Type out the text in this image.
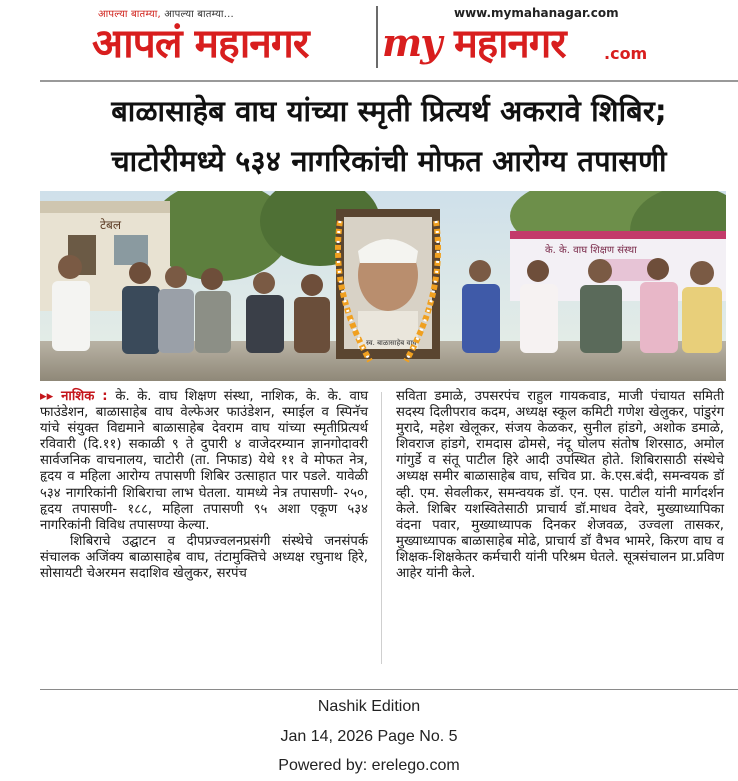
आपल्या बातम्या, आपल्या बातम्या...
आपलं महानगर
www.mymahanagar.com
my महानगर .com
बाळासाहेब वाघ यांच्या स्मृती प्रित्यर्थ अकरावे शिबिर;
चाटोरीमध्ये ५३४ नागरिकांची मोफत आरोग्य तपासणी
टेबल
के. के. वाघ शिक्षण संस्था
स्व. बाळासाहेब वाघ

▸▸ नाशिक : के. के. वाघ शिक्षण संस्था, नाशिक, के. के. वाघ फाउंडेशन, बाळासाहेब वाघ वेल्फेअर फाउंडेशन, स्माईल व स्पिनॅच यांचे संयुक्त विद्यमाने बाळासाहेब देवराम वाघ यांच्या स्मृतीप्रित्यर्थ रविवारी (दि.११) सकाळी ९ ते दुपारी ४ वाजेदरम्यान ज्ञानगोदावरी सार्वजनिक वाचनालय, चाटोरी (ता. निफाड) येथे ११ वे मोफत नेत्र, हृदय व महिला आरोग्य तपासणी शिबिर उत्साहात पार पडले. यावेळी ५३४ नागरिकांनी शिबिराचा लाभ घेतला. यामध्ये नेत्र तपासणी- २५०, हृदय तपासणी- १८८, महिला तपासणी ९५ अशा एकूण ५३४ नागरिकांनी विविध तपासण्या केल्या.

शिबिराचे उद्घाटन व दीपप्रज्वलनप्रसंगी संस्थेचे जनसंपर्क संचालक अजिंक्य बाळासाहेब वाघ, तंटामुक्तिचे अध्यक्ष रघुनाथ हिरे, सोसायटी चेअरमन सदाशिव खेलुकर, सरपंच

सविता डमाळे, उपसरपंच राहुल गायकवाड, माजी पंचायत समिती सदस्य दिलीपराव कदम, अध्यक्ष स्कूल कमिटी गणेश खेलुकर, पांडुरंग मुरादे, महेश खेलूकर, संजय केळकर, सुनील हांडगे, अशोक डमाळे, शिवराज हांडगे, रामदास ढोमसे, नंदू घोलप संतोष शिरसाठ, अमोल गांगुर्डे व संतू पाटील हिरे आदी उपस्थित होते. शिबिरासाठी संस्थेचे अध्यक्ष समीर बाळासाहेब वाघ, सचिव प्रा. के.एस.बंदी, समन्वयक डॉ व्ही. एम. सेवलीकर, समन्वयक डॉ. एन. एस. पाटील यांनी मार्गदर्शन केले. शिबिर यशस्वितेसाठी प्राचार्य डॉ.माधव देवरे, मुख्याध्यापिका वंदना पवार, मुख्याध्यापक दिनकर शेजवळ, उज्वला तासकर, मुख्याध्यापक बाळासाहेब मोढे, प्राचार्य डॉ वैभव भामरे, किरण वाघ व शिक्षक-शिक्षकेतर कर्मचारी यांनी परिश्रम घेतले. सूत्रसंचालन प्रा.प्रविण आहेर यांनी केले.

Nashik Edition
Jan 14, 2026 Page No. 5
Powered by: erelego.com
